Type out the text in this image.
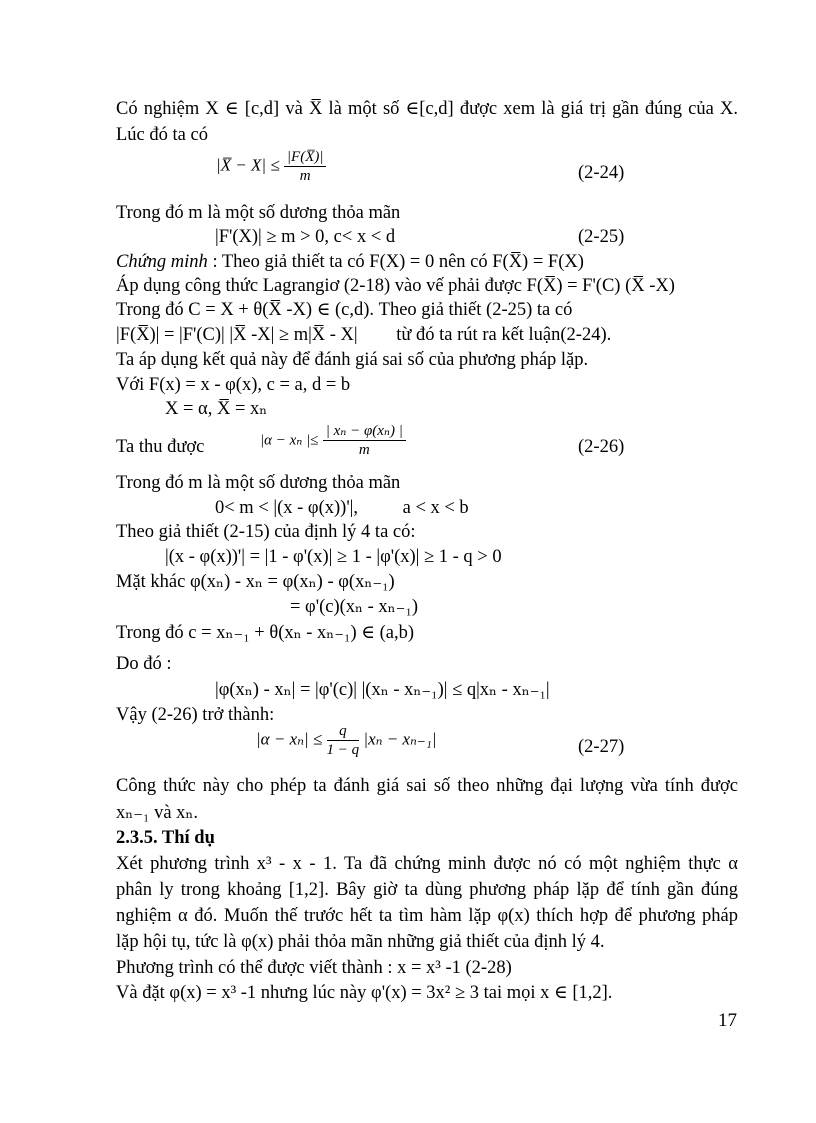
Có nghiệm X ∈ [c,d] và X̅ là một số ∈[c,d] được xem là giá trị gần đúng của X.
Lúc đó ta có
|X̅ − $X| \le \frac{|F(X̅)|}{m}$	(2-24)
Trong đó m là một số dương thỏa mãn
|F'(X)| ≥ m > 0, c< x < d	(2-25)
Chứng minh : Theo giả thiết ta có F(X) = 0 nên có F(X̅) = F(X)
Áp dụng công thức Lagrangiơ (2-18) vào vế phải được F(X̅) = F'(C) (X̅ -X)
Trong đó C = X + θ(X̅ -X) ∈ (c,d). Theo giả thiết (2-25) ta có
|F(X̅)| = |F'(C)| |X̅ -X| ≥ m|X̅ - X| từ đó ta rút ra kết luận(2-24).
Ta áp dụng kết quả này để đánh giá sai số của phương pháp lặp.
Với F(x) = x - φ(x), c = a, d = b
X = α, X̅ = xₙ
Ta thu được	|α − xₙ |≤ $\frac{\text{| xₙ − φ(xₙ) |}}{m}$	(2-26)
Trong đó m là một số dương thỏa mãn
0< m < |(x - φ(x))'|, a < x < b
Theo giả thiết (2-15) của định lý 4 ta có:
|(x - φ(x))'| = |1 - φ'(x)| ≥ 1 - |φ'(x)| ≥ 1 - q > 0
Mặt khác φ(xₙ) - xₙ = φ(xₙ) - φ(xₙ₋₁)
= φ'(c)(xₙ - xₙ₋₁)
Trong đó c = xₙ₋₁ + θ(xₙ - xₙ₋₁) ∈ (a,b)
Do đó :
|φ(xₙ) - xₙ| = |φ'(c)| |(xₙ - xₙ₋₁)| ≤ q|xₙ - xₙ₋₁|
Vậy (2-26) trở thành:
$|\alpha - x_n| \le \frac{q}{1 - q} |x_n - x_{n-1}|$	(2-27)
Công thức này cho phép ta đánh giá sai số theo những đại lượng vừa tính được
xₙ₋₁ và xₙ.
2.3.5. Thí dụ
Xét phương trình x³ - x - 1. Ta đã chứng minh được nó có một nghiệm thực α
phân ly trong khoảng [1,2]. Bây giờ ta dùng phương pháp lặp để tính gần đúng
nghiệm α đó. Muốn thế trước hết ta tìm hàm lặp φ(x) thích hợp để phương pháp
lặp hội tụ, tức là φ(x) phải thỏa mãn những giả thiết của định lý 4.
Phương trình có thể được viết thành : x = x³ -1 (2-28)
Và đặt φ(x) = x³ -1 nhưng lúc này φ'(x) = 3x² ≥ 3 tai mọi x ∈ [1,2].
17
